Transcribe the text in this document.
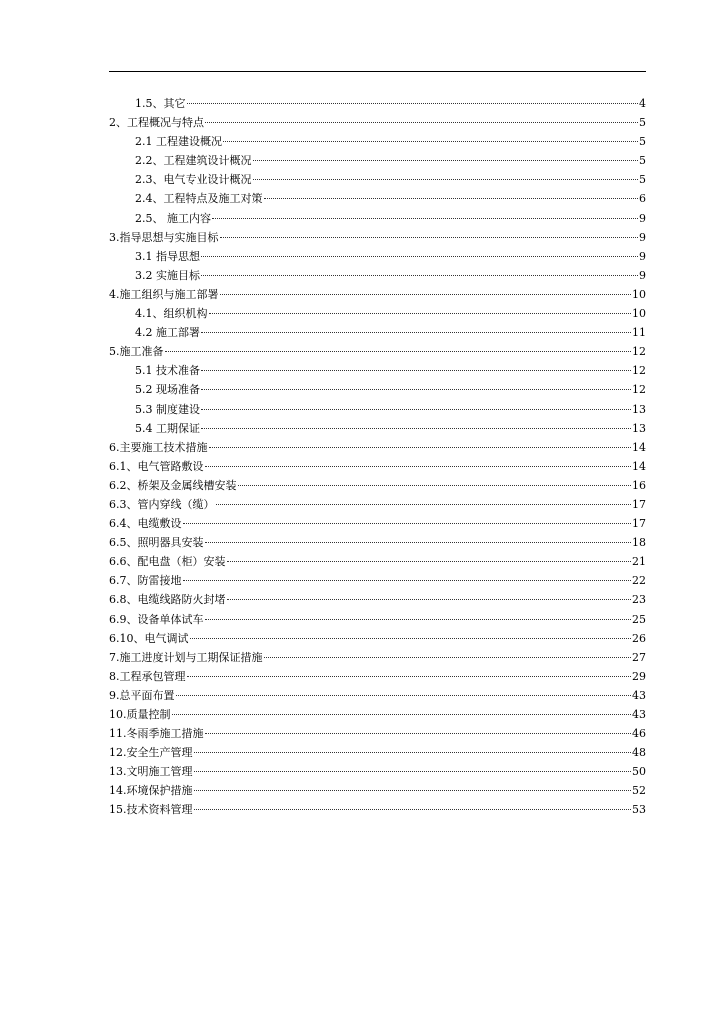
1.5、其它	4
2、工程概况与特点	5
2.1 工程建设概况	5
2.2、工程建筑设计概况	5
2.3、电气专业设计概况	5
2.4、工程特点及施工对策	6
2.5、 施工内容	9
3.指导思想与实施目标	9
3.1 指导思想	9
3.2 实施目标	9
4.施工组织与施工部署	10
4.1、组织机构	10
4.2 施工部署	11
5.施工准备	12
5.1 技术准备	12
5.2 现场准备	12
5.3 制度建设	13
5.4 工期保证	13
6.主要施工技术措施	14
6.1、电气管路敷设	14
6.2、桥架及金属线槽安装	16
6.3、管内穿线（缆）	17
6.4、电缆敷设	17
6.5、照明器具安装	18
6.6、配电盘（柜）安装	21
6.7、防雷接地	22
6.8、电缆线路防火封堵	23
6.9、设备单体试车	25
6.10、电气调试	26
7.施工进度计划与工期保证措施	27
8.工程承包管理	29
9.总平面布置	43
10.质量控制	43
11.冬雨季施工措施	46
12.安全生产管理	48
13.文明施工管理	50
14.环境保护措施	52
15.技术资料管理	53
